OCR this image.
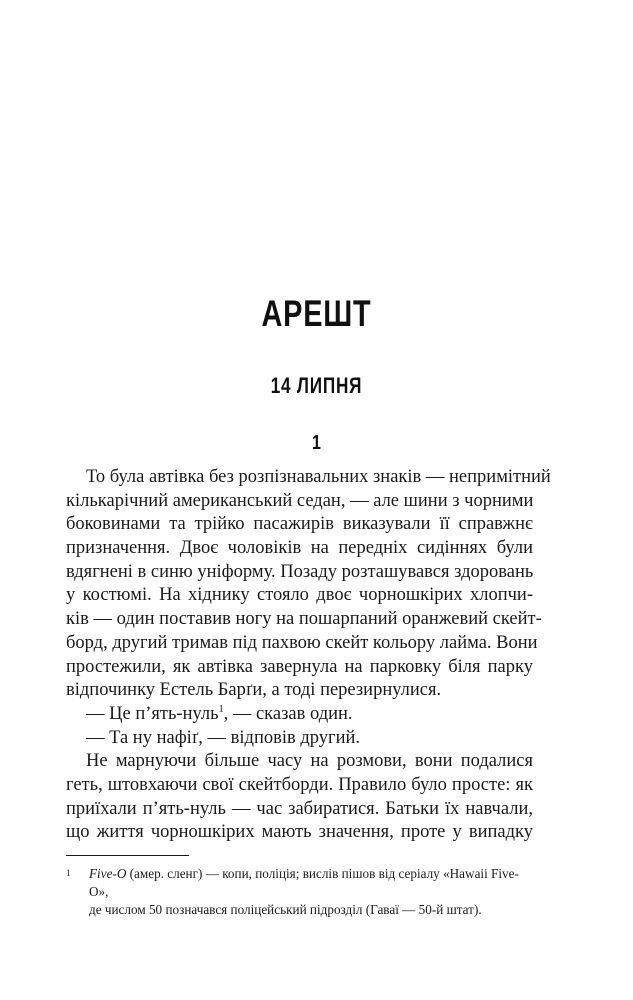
АРЕШТ
14 ЛИПНЯ
1
То була автівка без розпізнавальних знаків — непримітний
кількарічний американський седан, — але шини з чорними
боковинами та трійко пасажирів виказували її справжнє
призначення. Двоє чоловіків на передніх сидіннях були
вдягнені в синю уніформу. Позаду розташувався здоровань
у костюмі. На хіднику стояло двоє чорношкірих хлопчи-
ків — один поставив ногу на пошарпаний оранжевий скейт-
борд, другий тримав під пахвою скейт кольору лайма. Вони
простежили, як автівка завернула на парковку біля парку
відпочинку Естель Барґи, а тоді перезирнулися.
— Це п’ять-нуль$^1$, — сказав один.
— Та ну нафіґ, — відповів другий.
Не марнуючи більше часу на розмови, вони подалися
геть, штовхаючи свої скейтборди. Правило було просте: як
приїхали п’ять-нуль — час забиратися. Батьки їх навчали,
що життя чорношкірих мають значення, проте у випадку
1 Five-O (амер. сленг) — копи, поліція; вислів пішов від серіалу «Hawaii Five-O»,
де числом 50 позначався поліцейський підрозділ (Гаваї — 50-й штат).
